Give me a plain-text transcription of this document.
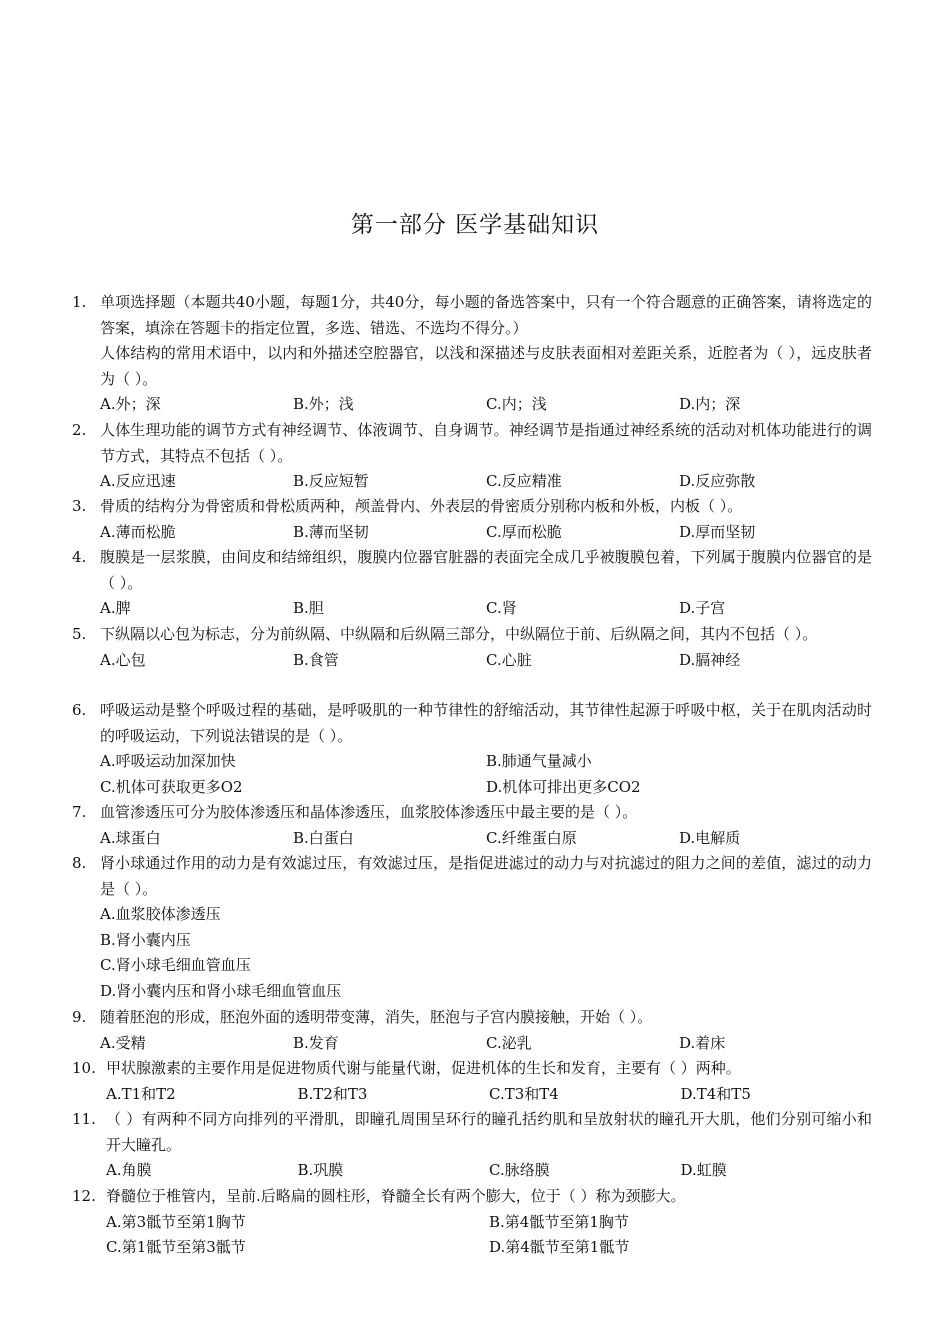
第一部分 医学基础知识
1. 单项选择题（本题共40小题，每题1分，共40分，每小题的备选答案中，只有一个符合题意的正确答案，请将选定的答案，填涂在答题卡的指定位置，多选、错选、不选均不得分。）
人体结构的常用术语中，以内和外描述空腔器官，以浅和深描述与皮肤表面相对差距关系，近腔者为（ ），远皮肤者为（ ）。
A.外；深	B.外；浅	C.内；浅	D.内；深
2. 人体生理功能的调节方式有神经调节、体液调节、自身调节。神经调节是指通过神经系统的活动对机体功能进行的调节方式，其特点不包括（ ）。
A.反应迅速	B.反应短暂	C.反应精准	D.反应弥散
3. 骨质的结构分为骨密质和骨松质两种，颅盖骨内、外表层的骨密质分别称内板和外板，内板（ ）。
A.薄而松脆	B.薄而坚韧	C.厚而松脆	D.厚而坚韧
4. 腹膜是一层浆膜，由间皮和结缔组织，腹膜内位器官脏器的表面完全成几乎被腹膜包着，下列属于腹膜内位器官的是（ ）。
A.脾	B.胆	C.肾	D.子宫
5. 下纵隔以心包为标志，分为前纵隔、中纵隔和后纵隔三部分，中纵隔位于前、后纵隔之间，其内不包括（ ）。
A.心包	B.食管	C.心脏	D.膈神经
6. 呼吸运动是整个呼吸过程的基础，是呼吸肌的一种节律性的舒缩活动，其节律性起源于呼吸中枢，关于在肌肉活动时的呼吸运动，下列说法错误的是（ ）。
A.呼吸运动加深加快	B.肺通气量减小
C.机体可获取更多O2	D.机体可排出更多CO2
7. 血管渗透压可分为胶体渗透压和晶体渗透压，血浆胶体渗透压中最主要的是（ ）。
A.球蛋白	B.白蛋白	C.纤维蛋白原	D.电解质
8. 肾小球通过作用的动力是有效滤过压，有效滤过压，是指促进滤过的动力与对抗滤过的阻力之间的差值，滤过的动力是（ ）。
A.血浆胶体渗透压
B.肾小囊内压
C.肾小球毛细血管血压
D.肾小囊内压和肾小球毛细血管血压
9. 随着胚泡的形成，胚泡外面的透明带变薄，消失，胚泡与子宫内膜接触，开始（ ）。
A.受精	B.发育	C.泌乳	D.着床
10. 甲状腺激素的主要作用是促进物质代谢与能量代谢，促进机体的生长和发育，主要有（ ）两种。
A.T1和T2	B.T2和T3	C.T3和T4	D.T4和T5
11. （ ）有两种不同方向排列的平滑肌，即瞳孔周围呈环行的瞳孔括约肌和呈放射状的瞳孔开大肌，他们分别可缩小和开大瞳孔。
A.角膜	B.巩膜	C.脉络膜	D.虹膜
12. 脊髓位于椎管内，呈前.后略扁的圆柱形，脊髓全长有两个膨大，位于（ ）称为颈膨大。
A.第3骶节至第1胸节	B.第4骶节至第1胸节
C.第1骶节至第3骶节	D.第4骶节至第1骶节
